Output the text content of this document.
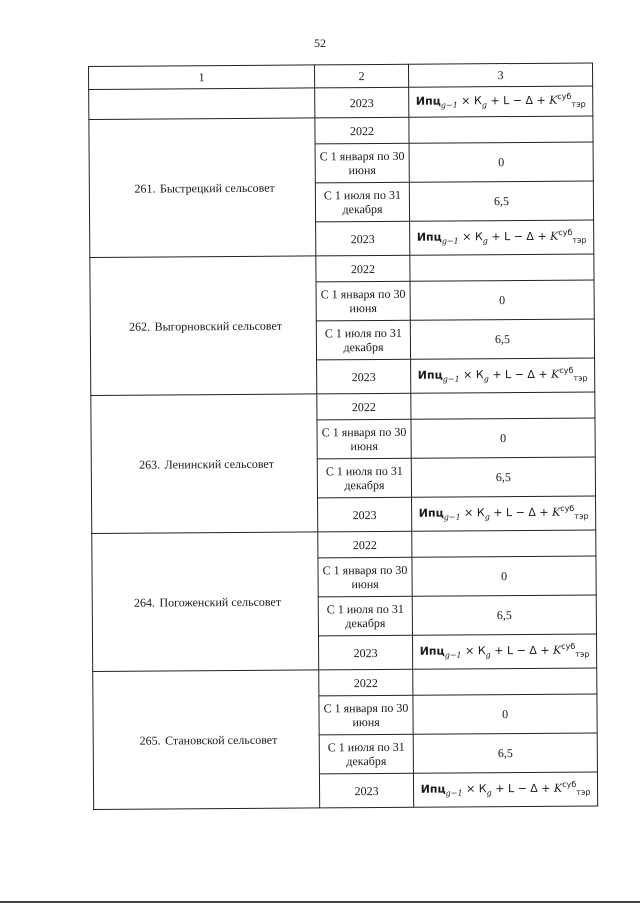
52
1	2	3
	2023	$Ипц_{g-1} \times К_g + L - \Delta + K^{суб}_{тэр}$
261. Быстрецкий сельсовет	2022	
	С 1 января по 30 июня	0
	С 1 июля по 31 декабря	6,5
	2023	$Ипц_{g-1} \times К_g + L - \Delta + K^{суб}_{тэр}$
262. Выгорновский сельсовет	2022	
	С 1 января по 30 июня	0
	С 1 июля по 31 декабря	6,5
	2023	$Ипц_{g-1} \times К_g + L - \Delta + K^{суб}_{тэр}$
263. Ленинский сельсовет	2022	
	С 1 января по 30 июня	0
	С 1 июля по 31 декабря	6,5
	2023	$Ипц_{g-1} \times К_g + L - \Delta + K^{суб}_{тэр}$
264. Погоженский сельсовет	2022	
	С 1 января по 30 июня	0
	С 1 июля по 31 декабря	6,5
	2023	$Ипц_{g-1} \times К_g + L - \Delta + K^{суб}_{тэр}$
265. Становской сельсовет	2022	
	С 1 января по 30 июня	0
	С 1 июля по 31 декабря	6,5
	2023	$Ипц_{g-1} \times К_g + L - \Delta + K^{суб}_{тэр}$
